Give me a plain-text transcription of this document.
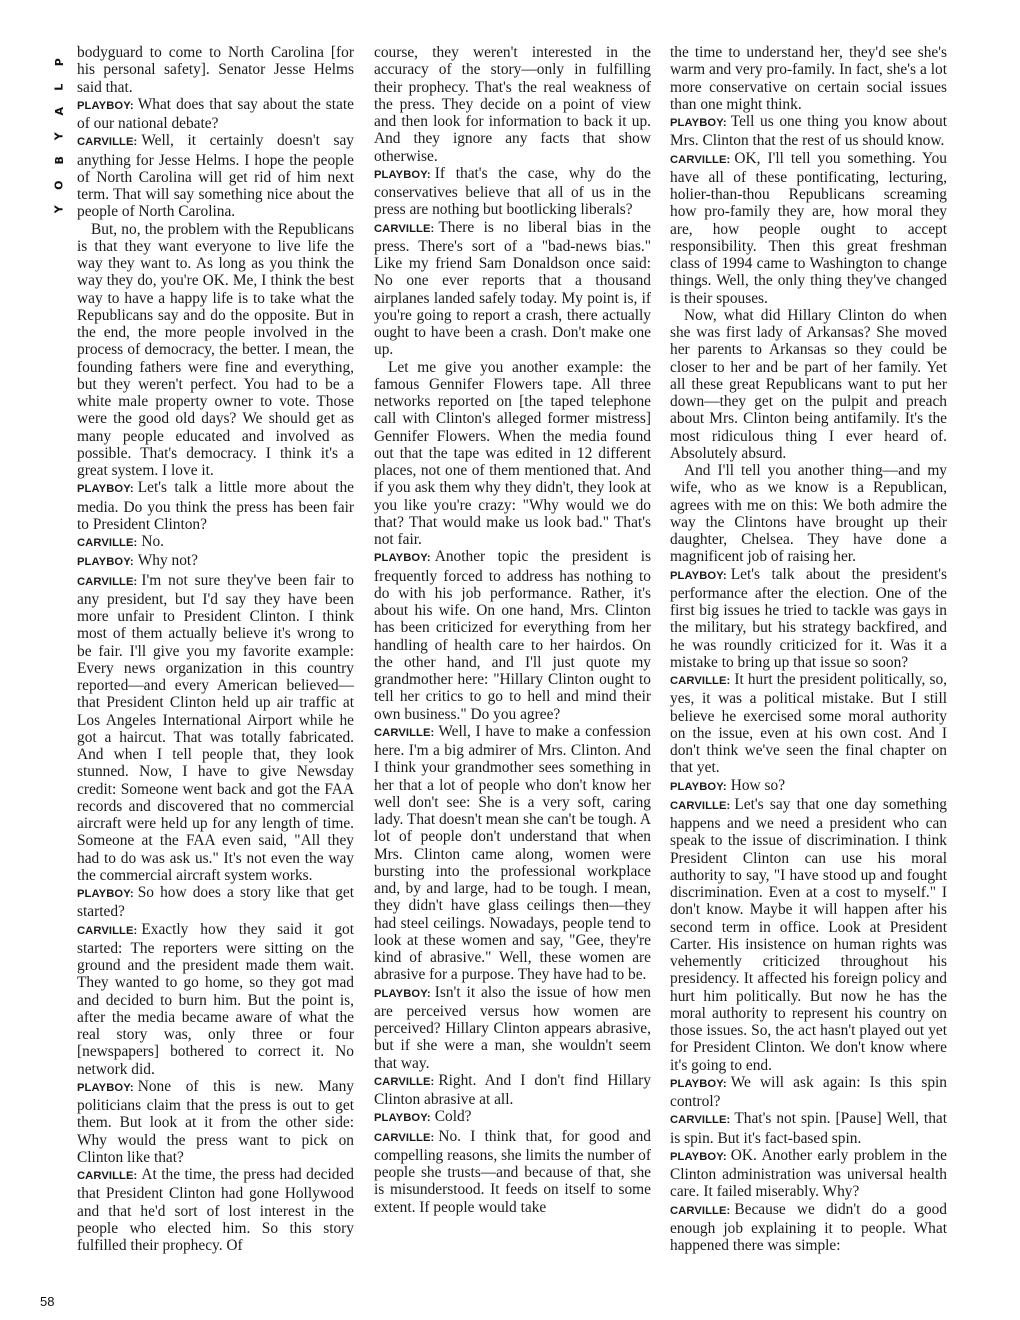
P
L
A
Y
B
O
Y
58

bodyguard to come to North Carolina [for his personal safety]. Senator Jesse Helms said that.

PLAYBOY: What does that say about the state of our national debate?

CARVILLE: Well, it certainly doesn't say anything for Jesse Helms. I hope the people of North Carolina will get rid of him next term. That will say something nice about the people of North Carolina.

But, no, the problem with the Republicans is that they want everyone to live life the way they want to. As long as you think the way they do, you're OK. Me, I think the best way to have a happy life is to take what the Republicans say and do the opposite. But in the end, the more people involved in the process of democracy, the better. I mean, the founding fathers were fine and everything, but they weren't perfect. You had to be a white male property owner to vote. Those were the good old days? We should get as many people educated and involved as possible. That's democracy. I think it's a great system. I love it.

PLAYBOY: Let's talk a little more about the media. Do you think the press has been fair to President Clinton?

CARVILLE: No.

PLAYBOY: Why not?

CARVILLE: I'm not sure they've been fair to any president, but I'd say they have been more unfair to President Clinton. I think most of them actually believe it's wrong to be fair. I'll give you my favorite example: Every news organization in this country reported—and every American believed—that President Clinton held up air traffic at Los Angeles International Airport while he got a haircut. That was totally fabricated. And when I tell people that, they look stunned. Now, I have to give Newsday credit: Someone went back and got the FAA records and discovered that no commercial aircraft were held up for any length of time. Someone at the FAA even said, "All they had to do was ask us." It's not even the way the commercial aircraft system works.

PLAYBOY: So how does a story like that get started?

CARVILLE: Exactly how they said it got started: The reporters were sitting on the ground and the president made them wait. They wanted to go home, so they got mad and decided to burn him. But the point is, after the media became aware of what the real story was, only three or four [newspapers] bothered to correct it. No network did.

PLAYBOY: None of this is new. Many politicians claim that the press is out to get them. But look at it from the other side: Why would the press want to pick on Clinton like that?

CARVILLE: At the time, the press had decided that President Clinton had gone Hollywood and that he'd sort of lost interest in the people who elected him. So this story fulfilled their prophecy. Of

course, they weren't interested in the accuracy of the story—only in fulfilling their prophecy. That's the real weakness of the press. They decide on a point of view and then look for information to back it up. And they ignore any facts that show otherwise.

PLAYBOY: If that's the case, why do the conservatives believe that all of us in the press are nothing but bootlicking liberals?

CARVILLE: There is no liberal bias in the press. There's sort of a "bad-news bias." Like my friend Sam Donaldson once said: No one ever reports that a thousand airplanes landed safely today. My point is, if you're going to report a crash, there actually ought to have been a crash. Don't make one up.

Let me give you another example: the famous Gennifer Flowers tape. All three networks reported on [the taped telephone call with Clinton's alleged former mistress] Gennifer Flowers. When the media found out that the tape was edited in 12 different places, not one of them mentioned that. And if you ask them why they didn't, they look at you like you're crazy: "Why would we do that? That would make us look bad." That's not fair.

PLAYBOY: Another topic the president is frequently forced to address has nothing to do with his job performance. Rather, it's about his wife. On one hand, Mrs. Clinton has been criticized for everything from her handling of health care to her hairdos. On the other hand, and I'll just quote my grandmother here: "Hillary Clinton ought to tell her critics to go to hell and mind their own business." Do you agree?

CARVILLE: Well, I have to make a confession here. I'm a big admirer of Mrs. Clinton. And I think your grandmother sees something in her that a lot of people who don't know her well don't see: She is a very soft, caring lady. That doesn't mean she can't be tough. A lot of people don't understand that when Mrs. Clinton came along, women were bursting into the professional workplace and, by and large, had to be tough. I mean, they didn't have glass ceilings then—they had steel ceilings. Nowadays, people tend to look at these women and say, "Gee, they're kind of abrasive." Well, these women are abrasive for a purpose. They have had to be.

PLAYBOY: Isn't it also the issue of how men are perceived versus how women are perceived? Hillary Clinton appears abrasive, but if she were a man, she wouldn't seem that way.

CARVILLE: Right. And I don't find Hillary Clinton abrasive at all.

PLAYBOY: Cold?

CARVILLE: No. I think that, for good and compelling reasons, she limits the number of people she trusts—and because of that, she is misunderstood. It feeds on itself to some extent. If people would take

the time to understand her, they'd see she's warm and very pro-family. In fact, she's a lot more conservative on certain social issues than one might think.

PLAYBOY: Tell us one thing you know about Mrs. Clinton that the rest of us should know.

CARVILLE: OK, I'll tell you something. You have all of these pontificating, lecturing, holier-than-thou Republicans screaming how pro-family they are, how moral they are, how people ought to accept responsibility. Then this great freshman class of 1994 came to Washington to change things. Well, the only thing they've changed is their spouses.

Now, what did Hillary Clinton do when she was first lady of Arkansas? She moved her parents to Arkansas so they could be closer to her and be part of her family. Yet all these great Republicans want to put her down—they get on the pulpit and preach about Mrs. Clinton being antifamily. It's the most ridiculous thing I ever heard of. Absolutely absurd.

And I'll tell you another thing—and my wife, who as we know is a Republican, agrees with me on this: We both admire the way the Clintons have brought up their daughter, Chelsea. They have done a magnificent job of raising her.

PLAYBOY: Let's talk about the president's performance after the election. One of the first big issues he tried to tackle was gays in the military, but his strategy backfired, and he was roundly criticized for it. Was it a mistake to bring up that issue so soon?

CARVILLE: It hurt the president politically, so, yes, it was a political mistake. But I still believe he exercised some moral authority on the issue, even at his own cost. And I don't think we've seen the final chapter on that yet.

PLAYBOY: How so?

CARVILLE: Let's say that one day something happens and we need a president who can speak to the issue of discrimination. I think President Clinton can use his moral authority to say, "I have stood up and fought discrimination. Even at a cost to myself." I don't know. Maybe it will happen after his second term in office. Look at President Carter. His insistence on human rights was vehemently criticized throughout his presidency. It affected his foreign policy and hurt him politically. But now he has the moral authority to represent his country on those issues. So, the act hasn't played out yet for President Clinton. We don't know where it's going to end.

PLAYBOY: We will ask again: Is this spin control?

CARVILLE: That's not spin. [Pause] Well, that is spin. But it's fact-based spin.

PLAYBOY: OK. Another early problem in the Clinton administration was universal health care. It failed miserably. Why?

CARVILLE: Because we didn't do a good enough job explaining it to people. What happened there was simple:
